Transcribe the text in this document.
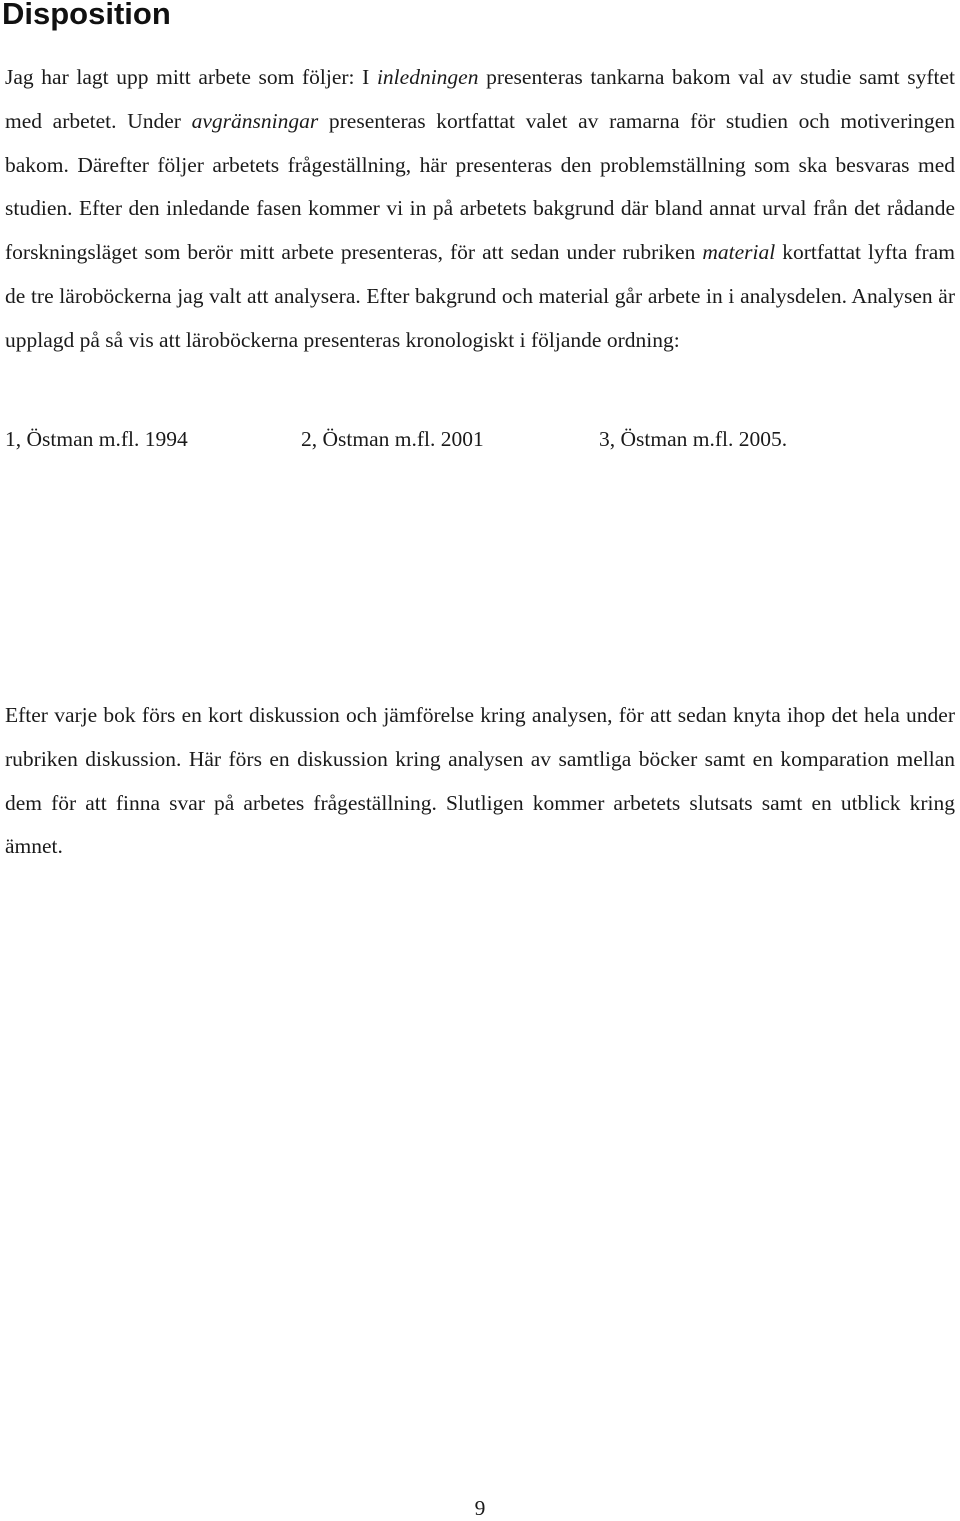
Disposition

Jag har lagt upp mitt arbete som följer: I inledningen presenteras tankarna bakom val av studie samt syftet med arbetet. Under avgränsningar presenteras kortfattat valet av ramarna för studien och motiveringen bakom. Därefter följer arbetets frågeställning, här presenteras den problemställning som ska besvaras med studien. Efter den inledande fasen kommer vi in på arbetets bakgrund där bland annat urval från det rådande forskningsläget som berör mitt arbete presenteras, för att sedan under rubriken material kortfattat lyfta fram de tre läroböckerna jag valt att analysera. Efter bakgrund och material går arbete in i analysdelen. Analysen är upplagd på så vis att läroböckerna presenteras kronologiskt i följande ordning:

1, Östman m.fl. 1994	2, Östman m.fl. 2001	3, Östman m.fl. 2005.

Efter varje bok förs en kort diskussion och jämförelse kring analysen, för att sedan knyta ihop det hela under rubriken diskussion. Här förs en diskussion kring analysen av samtliga böcker samt en komparation mellan dem för att finna svar på arbetes frågeställning. Slutligen kommer arbetets slutsats samt en utblick kring ämnet.

9
